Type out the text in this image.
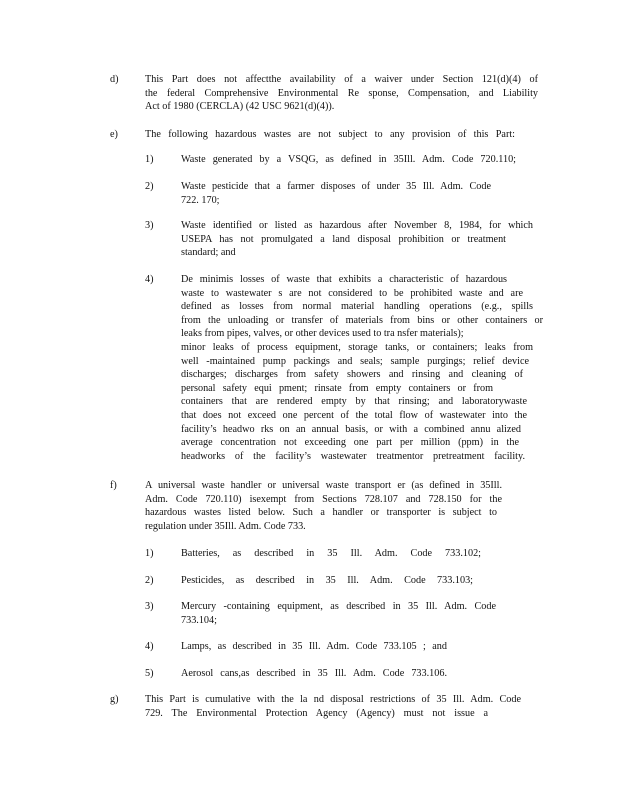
d)	This Part does not affectthe availability of a waiver under Section 121(d)(4) of
the federal Comprehensive Environmental Re sponse, Compensation, and Liability
Act of 1980 (CERCLA) (42 USC 9621(d)(4)).
e)	The following hazardous wastes are not subject to any provision of this Part:
1)	Waste generated by a VSQG, as defined in 35Ill. Adm. Code 720.110;
2)	Waste pesticide that a farmer disposes of under 35 Ill. Adm. Code
722. 170;
3)	Waste identified or listed as hazardous after November 8, 1984, for which
USEPA has not promulgated a land disposal prohibition or treatment
standard; and
4)	De minimis losses of waste that exhibits a characteristic of hazardous
waste to wastewater s are not considered to be prohibited waste and are
defined as losses from normal material handling operations (e.g., spills
from the unloading or transfer of materials from bins or other containers or
leaks from pipes, valves, or other devices used to tra nsfer materials);
minor leaks of process equipment, storage tanks, or containers; leaks from
well -maintained pump packings and seals; sample purgings; relief device
discharges; discharges from safety showers and rinsing and cleaning of
personal safety equi pment; rinsate from empty containers or from
containers that are rendered empty by that rinsing; and laboratorywaste
that does not exceed one percent of the total flow of wastewater into the
facility’s headwo rks on an annual basis, or with a combined annu alized
average concentration not exceeding one part per million (ppm) in the
headworks of the facility’s wastewater treatmentor pretreatment facility.
f)	A universal waste handler or universal waste transport er (as defined in 35Ill.
Adm. Code 720.110) isexempt from Sections 728.107 and 728.150 for the
hazardous wastes listed below. Such a handler or transporter is subject to
regulation under 35Ill. Adm. Code 733.
1)	Batteries, as described in 35 Ill. Adm. Code 733.102;
2)	Pesticides, as described in 35 Ill. Adm. Code 733.103;
3)	Mercury -containing equipment, as described in 35 Ill. Adm. Code
733.104;
4)	Lamps, as described in 35 Ill. Adm. Code 733.105 ; and
5)	Aerosol cans,as described in 35 Ill. Adm. Code 733.106.
g)	This Part is cumulative with the la nd disposal restrictions of 35 Ill. Adm. Code
729. The Environmental Protection Agency (Agency) must not issue a
